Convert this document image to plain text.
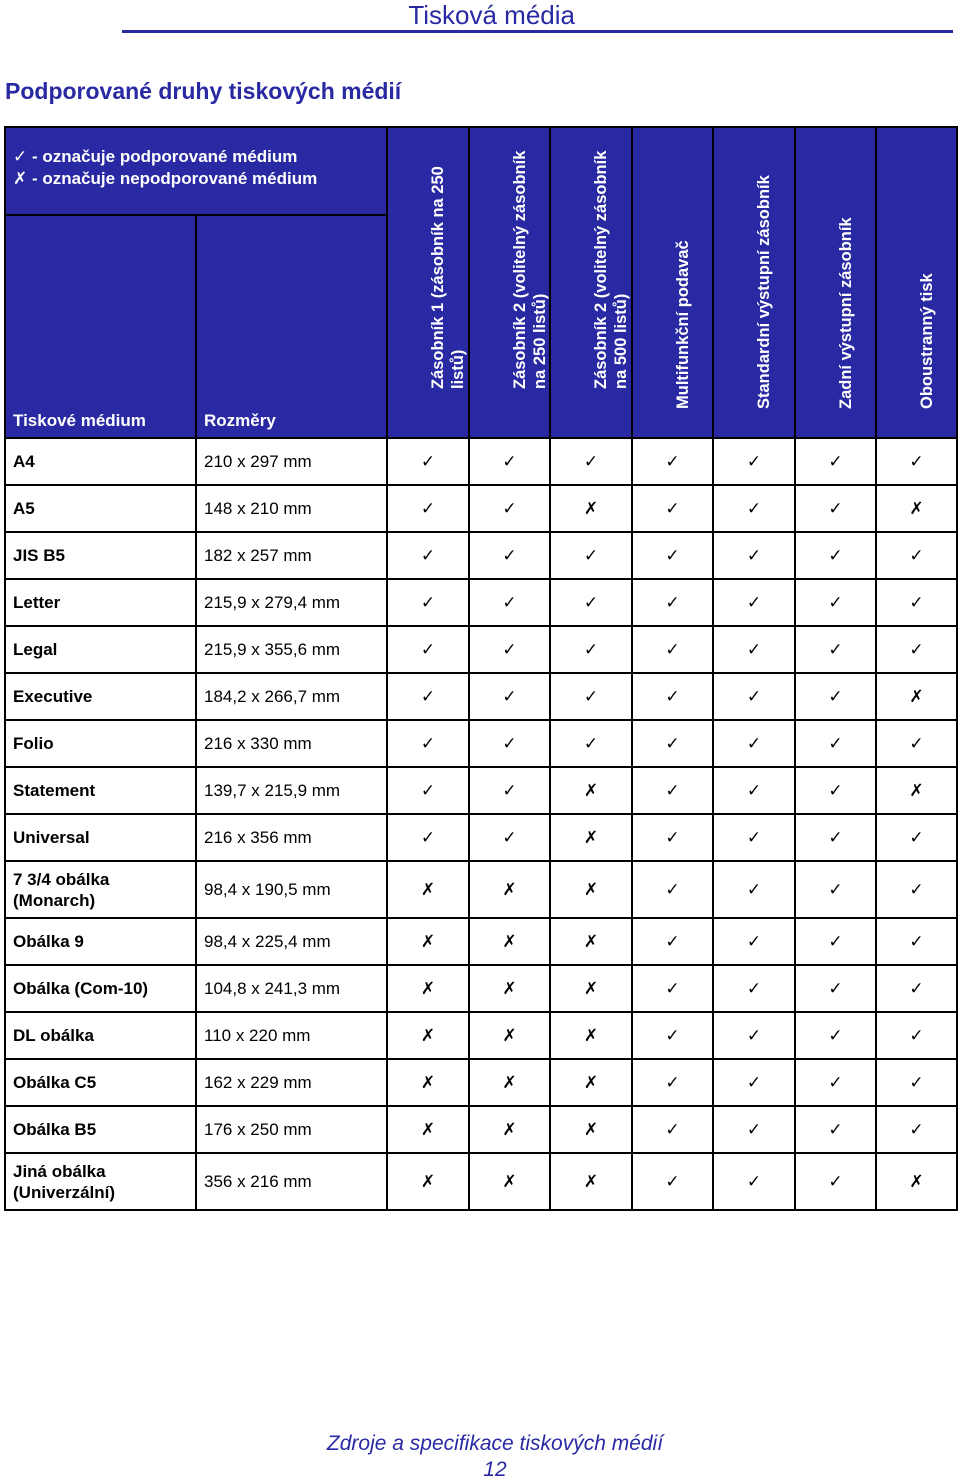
Tisková média
Podporované druhy tiskových médií
✓ - označuje podporované médium
✗ - označuje nepodporované médium		Zásobník 1 (zásobník na 250 listů)	Zásobník 2 (volitelný zásobník na 250 listů)	Zásobník 2 (volitelný zásobník na 500 listů)	Multifunkční podavač	Standardní výstupní zásobník	Zadní výstupní zásobník	Oboustranný tisk

Tiskové médium	Rozměry							
A4	210 x 297 mm	✓	✓	✓	✓	✓	✓	✓
A5	148 x 210 mm	✓	✓	✗	✓	✓	✓	✗
JIS B5	182 x 257 mm	✓	✓	✓	✓	✓	✓	✓
Letter	215,9 x 279,4 mm	✓	✓	✓	✓	✓	✓	✓
Legal	215,9 x 355,6 mm	✓	✓	✓	✓	✓	✓	✓
Executive	184,2 x 266,7 mm	✓	✓	✓	✓	✓	✓	✗
Folio	216 x 330 mm	✓	✓	✓	✓	✓	✓	✓
Statement	139,7 x 215,9 mm	✓	✓	✗	✓	✓	✓	✗
Universal	216 x 356 mm	✓	✓	✗	✓	✓	✓	✓
7 3/4 obálka (Monarch)	98,4 x 190,5 mm	✗	✗	✗	✓	✓	✓	✓
Obálka 9	98,4 x 225,4 mm	✗	✗	✗	✓	✓	✓	✓
Obálka (Com-10)	104,8 x 241,3 mm	✗	✗	✗	✓	✓	✓	✓
DL obálka	110 x 220 mm	✗	✗	✗	✓	✓	✓	✓
Obálka C5	162 x 229 mm	✗	✗	✗	✓	✓	✓	✓
Obálka B5	176 x 250 mm	✗	✗	✗	✓	✓	✓	✓
Jiná obálka (Univerzální)	356 x 216 mm	✗	✗	✗	✓	✓	✓	✗
Zdroje a specifikace tiskových médií
12
